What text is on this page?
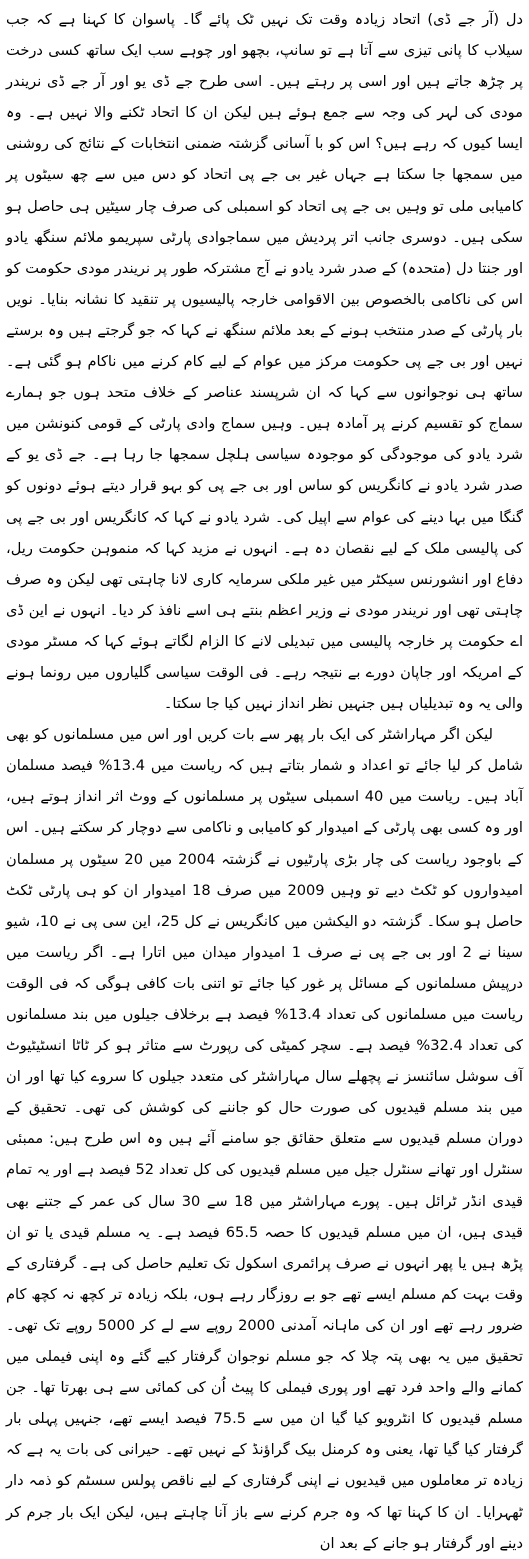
دل (آر جے ڈی) اتحاد زیادہ وقت تک نہیں ٹک پائے گا۔ پاسوان کا کہنا ہے کہ جب سیلاب کا پانی تیزی سے آتا ہے تو سانپ، بچھو اور چوہے سب ایک ساتھ کسی درخت پر چڑھ جاتے ہیں اور اسی پر رہتے ہیں۔ اسی طرح جے ڈی یو اور آر جے ڈی نریندر مودی کی لہر کی وجہ سے جمع ہوئے ہیں لیکن ان کا اتحاد ٹکنے والا نہیں ہے۔ وہ ایسا کیوں کہ رہے ہیں؟ اس کو با آسانی گزشتہ ضمنی انتخابات کے نتائج کی روشنی میں سمجھا جا سکتا ہے جہاں غیر بی جے پی اتحاد کو دس میں سے چھ سیٹوں پر کامیابی ملی تو وہیں بی جے پی اتحاد کو اسمبلی کی صرف چار سیٹیں ہی حاصل ہو سکی ہیں۔ دوسری جانب اتر پردیش میں سماجوادی پارٹی سپریمو ملائم سنگھ یادو اور جنتا دل (متحدہ) کے صدر شرد یادو نے آج مشترکہ طور پر نریندر مودی حکومت کو اس کی ناکامی بالخصوص بین الاقوامی خارجہ پالیسیوں پر تنقید کا نشانہ بنایا۔ نویں بار پارٹی کے صدر منتخب ہونے کے بعد ملائم سنگھ نے کہا کہ جو گرجتے ہیں وہ برستے نہیں اور بی جے پی حکومت مرکز میں عوام کے لیے کام کرنے میں ناکام ہو گئی ہے۔ ساتھ ہی نوجوانوں سے کہا کہ ان شرپسند عناصر کے خلاف متحد ہوں جو ہمارے سماج کو تقسیم کرنے پر آمادہ ہیں۔ وہیں سماج وادی پارٹی کے قومی کنونشن میں شرد یادو کی موجودگی کو موجودہ سیاسی ہلچل سمجھا جا رہا ہے۔ جے ڈی یو کے صدر شرد یادو نے کانگریس کو ساس اور بی جے پی کو بہو قرار دیتے ہوئے دونوں کو گنگا میں بہا دینے کی عوام سے اپیل کی۔ شرد یادو نے کہا کہ کانگریس اور بی جے پی کی پالیسی ملک کے لیے نقصان دہ ہے۔ انہوں نے مزید کہا کہ منموہن حکومت ریل، دفاع اور انشورنس سیکٹر میں غیر ملکی سرمایہ کاری لانا چاہتی تھی لیکن وہ صرف چاہتی تھی اور نریندر مودی نے وزیر اعظم بنتے ہی اسے نافذ کر دیا۔ انہوں نے این ڈی اے حکومت پر خارجہ پالیسی میں تبدیلی لانے کا الزام لگاتے ہوئے کہا کہ مسٹر مودی کے امریکہ اور جاپان دورے بے نتیجہ رہے۔ فی الوقت سیاسی گلیاروں میں رونما ہونے والی یہ وہ تبدیلیاں ہیں جنہیں نظر انداز نہیں کیا جا سکتا۔

لیکن اگر مہاراشٹر کی ایک بار پھر سے بات کریں اور اس میں مسلمانوں کو بھی شامل کر لیا جائے تو اعداد و شمار بتاتے ہیں کہ ریاست میں 13.4% فیصد مسلمان آباد ہیں۔ ریاست میں 40 اسمبلی سیٹوں پر مسلمانوں کے ووٹ اثر انداز ہوتے ہیں، اور وہ کسی بھی پارٹی کے امیدوار کو کامیابی و ناکامی سے دوچار کر سکتے ہیں۔ اس کے باوجود ریاست کی چار بڑی پارٹیوں نے گزشتہ 2004 میں 20 سیٹوں پر مسلمان امیدواروں کو ٹکٹ دیے تو وہیں 2009 میں صرف 18 امیدوار ان کو ہی پارٹی ٹکٹ حاصل ہو سکا۔ گزشتہ دو الیکشن میں کانگریس نے کل 25، این سی پی نے 10، شیو سینا نے 2 اور بی جے پی نے صرف 1 امیدوار میدان میں اتارا ہے۔ اگر ریاست میں درپیش مسلمانوں کے مسائل پر غور کیا جائے تو اتنی بات کافی ہوگی کہ فی الوقت ریاست میں مسلمانوں کی تعداد 13.4% فیصد ہے برخلاف جیلوں میں بند مسلمانوں کی تعداد 32.4% فیصد ہے۔ سچر کمیٹی کی رپورٹ سے متاثر ہو کر ٹاٹا انسٹیٹیوٹ آف سوشل سائنسز نے پچھلے سال مہاراشٹر کی متعدد جیلوں کا سروے کیا تھا اور ان میں بند مسلم قیدیوں کی صورت حال کو جاننے کی کوشش کی تھی۔ تحقیق کے دوران مسلم قیدیوں سے متعلق حقائق جو سامنے آئے ہیں وہ اس طرح ہیں: ممبئی سنٹرل اور تھانے سنٹرل جیل میں مسلم قیدیوں کی کل تعداد 52 فیصد ہے اور یہ تمام قیدی انڈر ٹرائل ہیں۔ پورے مہاراشٹر میں 18 سے 30 سال کی عمر کے جتنے بھی قیدی ہیں، ان میں مسلم قیدیوں کا حصہ 65.5 فیصد ہے۔ یہ مسلم قیدی یا تو ان پڑھ ہیں یا پھر انہوں نے صرف پرائمری اسکول تک تعلیم حاصل کی ہے۔ گرفتاری کے وقت بہت کم مسلم ایسے تھے جو بے روزگار رہے ہوں، بلکہ زیادہ تر کچھ نہ کچھ کام ضرور رہے تھے اور ان کی ماہانہ آمدنی 2000 روپے سے لے کر 5000 روپے تک تھی۔ تحقیق میں یہ بھی پتہ چلا کہ جو مسلم نوجوان گرفتار کیے گئے وہ اپنی فیملی میں کمانے والے واحد فرد تھے اور پوری فیملی کا پیٹ اُن کی کمائی سے ہی بھرتا تھا۔ جن مسلم قیدیوں کا انٹرویو کیا گیا ان میں سے 75.5 فیصد ایسے تھے، جنہیں پہلی بار گرفتار کیا گیا تھا، یعنی وہ کرمنل بیک گراؤنڈ کے نہیں تھے۔ حیرانی کی بات یہ ہے کہ زیادہ تر معاملوں میں قیدیوں نے اپنی گرفتاری کے لیے ناقص پولس سسٹم کو ذمہ دار ٹھہرایا۔ ان کا کہنا تھا کہ وہ جرم کرنے سے باز آنا چاہتے ہیں، لیکن ایک بار جرم کر دینے اور گرفتار ہو جانے کے بعد ان
